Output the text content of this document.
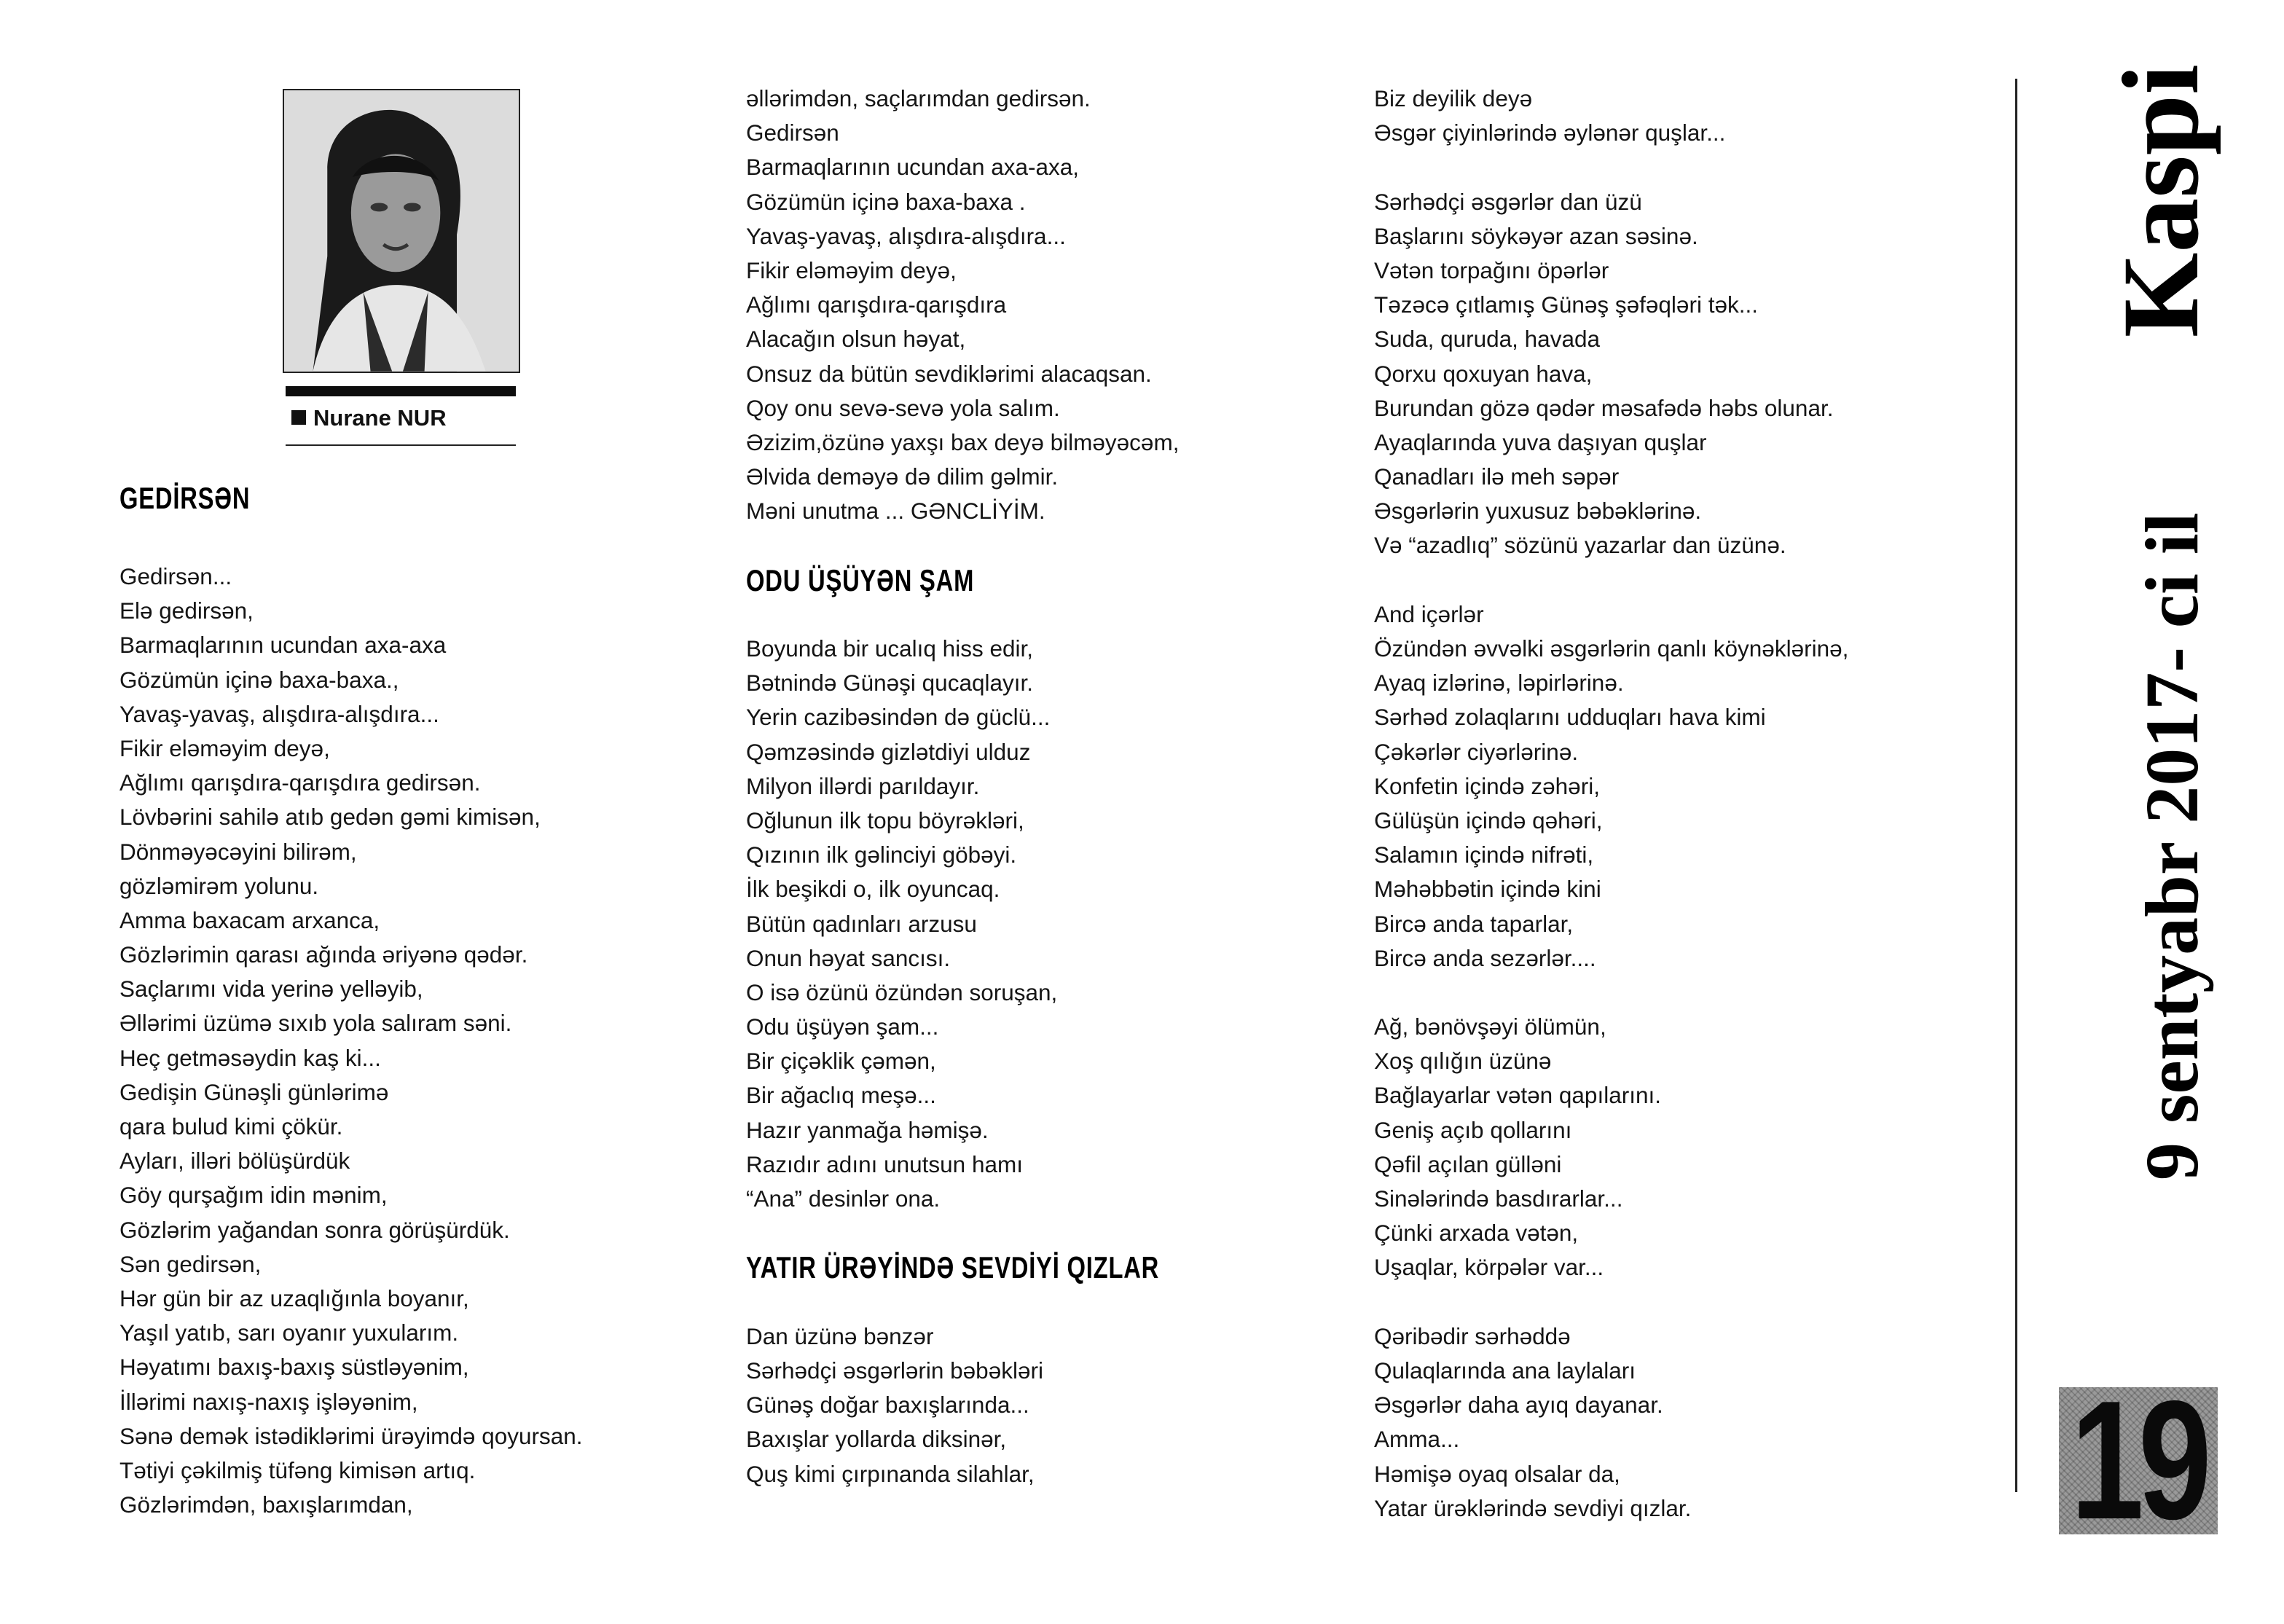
Nurane NUR
GEDİRSƏN
Gedirsən...
Elə gedirsən,
Barmaqlarının ucundan axa-axa
Gözümün içinə baxa-baxa.,
Yavaş-yavaş, alışdıra-alışdıra...
Fikir eləməyim deyə,
Ağlımı qarışdıra-qarışdıra gedirsən.
Lövbərini sahilə atıb gedən gəmi kimisən,
Dönməyəcəyini bilirəm,
gözləmirəm yolunu.
Amma baxacam arxanca,
Gözlərimin qarası ağında əriyənə qədər.
Saçlarımı vida yerinə yelləyib,
Əllərimi üzümə sıxıb yola salıram səni.
Heç getməsəydin kaş ki...
Gedişin Günəşli günlərimə
qara bulud kimi çökür.
Ayları, illəri bölüşürdük
Göy qurşağım idin mənim,
Gözlərim yağandan sonra görüşürdük.
Sən gedirsən,
Hər gün bir az uzaqlığınla boyanır,
Yaşıl yatıb, sarı oyanır yuxularım.
Həyatımı baxış-baxış süstləyənim,
İllərimi naxış-naxış işləyənim,
Sənə demək istədiklərimi ürəyimdə qoyursan.
Tətiyi çəkilmiş tüfəng kimisən artıq.
Gözlərimdən, baxışlarımdan,
əllərimdən, saçlarımdan gedirsən.
Gedirsən
Barmaqlarının ucundan axa-axa,
Gözümün içinə baxa-baxa .
Yavaş-yavaş, alışdıra-alışdıra...
Fikir eləməyim deyə,
Ağlımı qarışdıra-qarışdıra
Alacağın olsun həyat,
Onsuz da bütün sevdiklərimi alacaqsan.
Qoy onu sevə-sevə yola salım.
Əzizim,özünə yaxşı bax deyə bilməyəcəm,
Əlvida deməyə də dilim gəlmir.
Məni unutma ... GƏNCLİYİM.
ODU ÜŞÜYƏN ŞAM
Boyunda bir ucalıq hiss edir,
Bətnində Günəşi qucaqlayır.
Yerin cazibəsindən də güclü...
Qəmzəsində gizlətdiyi ulduz
Milyon illərdi parıldayır.
Oğlunun ilk topu böyrəkləri,
Qızının ilk gəlinciyi göbəyi.
İlk beşikdi o, ilk oyuncaq.
Bütün qadınları arzusu
Onun həyat sancısı.
O isə özünü özündən soruşan,
Odu üşüyən şam...
Bir çiçəklik çəmən,
Bir ağaclıq meşə...
Hazır yanmağa həmişə.
Razıdır adını unutsun hamı
“Ana” desinlər ona.
YATIR ÜRƏYİNDƏ SEVDİYİ QIZLAR
Dan üzünə bənzər
Sərhədçi əsgərlərin bəbəkləri
Günəş doğar baxışlarında...
Baxışlar yollarda diksinər,
Quş kimi çırpınanda silahlar,
Biz deyilik deyə
Əsgər çiyinlərində əylənər quşlar...
Sərhədçi əsgərlər dan üzü
Başlarını söykəyər azan səsinə.
Vətən torpağını öpərlər
Təzəcə çıtlamış Günəş şəfəqləri tək...
Suda, quruda, havada
Qorxu qoxuyan hava,
Burundan gözə qədər məsafədə həbs olunar.
Ayaqlarında yuva daşıyan quşlar
Qanadları ilə meh səpər
Əsgərlərin yuxusuz bəbəklərinə.
Və “azadlıq” sözünü yazarlar dan üzünə.
And içərlər
Özündən əvvəlki əsgərlərin qanlı köynəklərinə,
Ayaq izlərinə, ləpirlərinə.
Sərhəd zolaqlarını udduqları hava kimi
Çəkərlər ciyərlərinə.
Konfetin içində zəhəri,
Gülüşün içində qəhəri,
Salamın içində nifrəti,
Məhəbbətin içində kini
Bircə anda taparlar,
Bircə anda sezərlər....
Ağ, bənövşəyi ölümün,
Xoş qılığın üzünə
Bağlayarlar vətən qapılarını.
Geniş açıb qollarını
Qəfil açılan gülləni
Sinələrində basdırarlar...
Çünki arxada vətən,
Uşaqlar, körpələr var...
Qəribədir sərhəddə
Qulaqlarında ana laylaları
Əsgərlər daha ayıq dayanar.
Amma...
Həmişə oyaq olsalar da,
Yatar ürəklərində sevdiyi qızlar.
9 sentyabr 2017- ci ilKaspi
19
